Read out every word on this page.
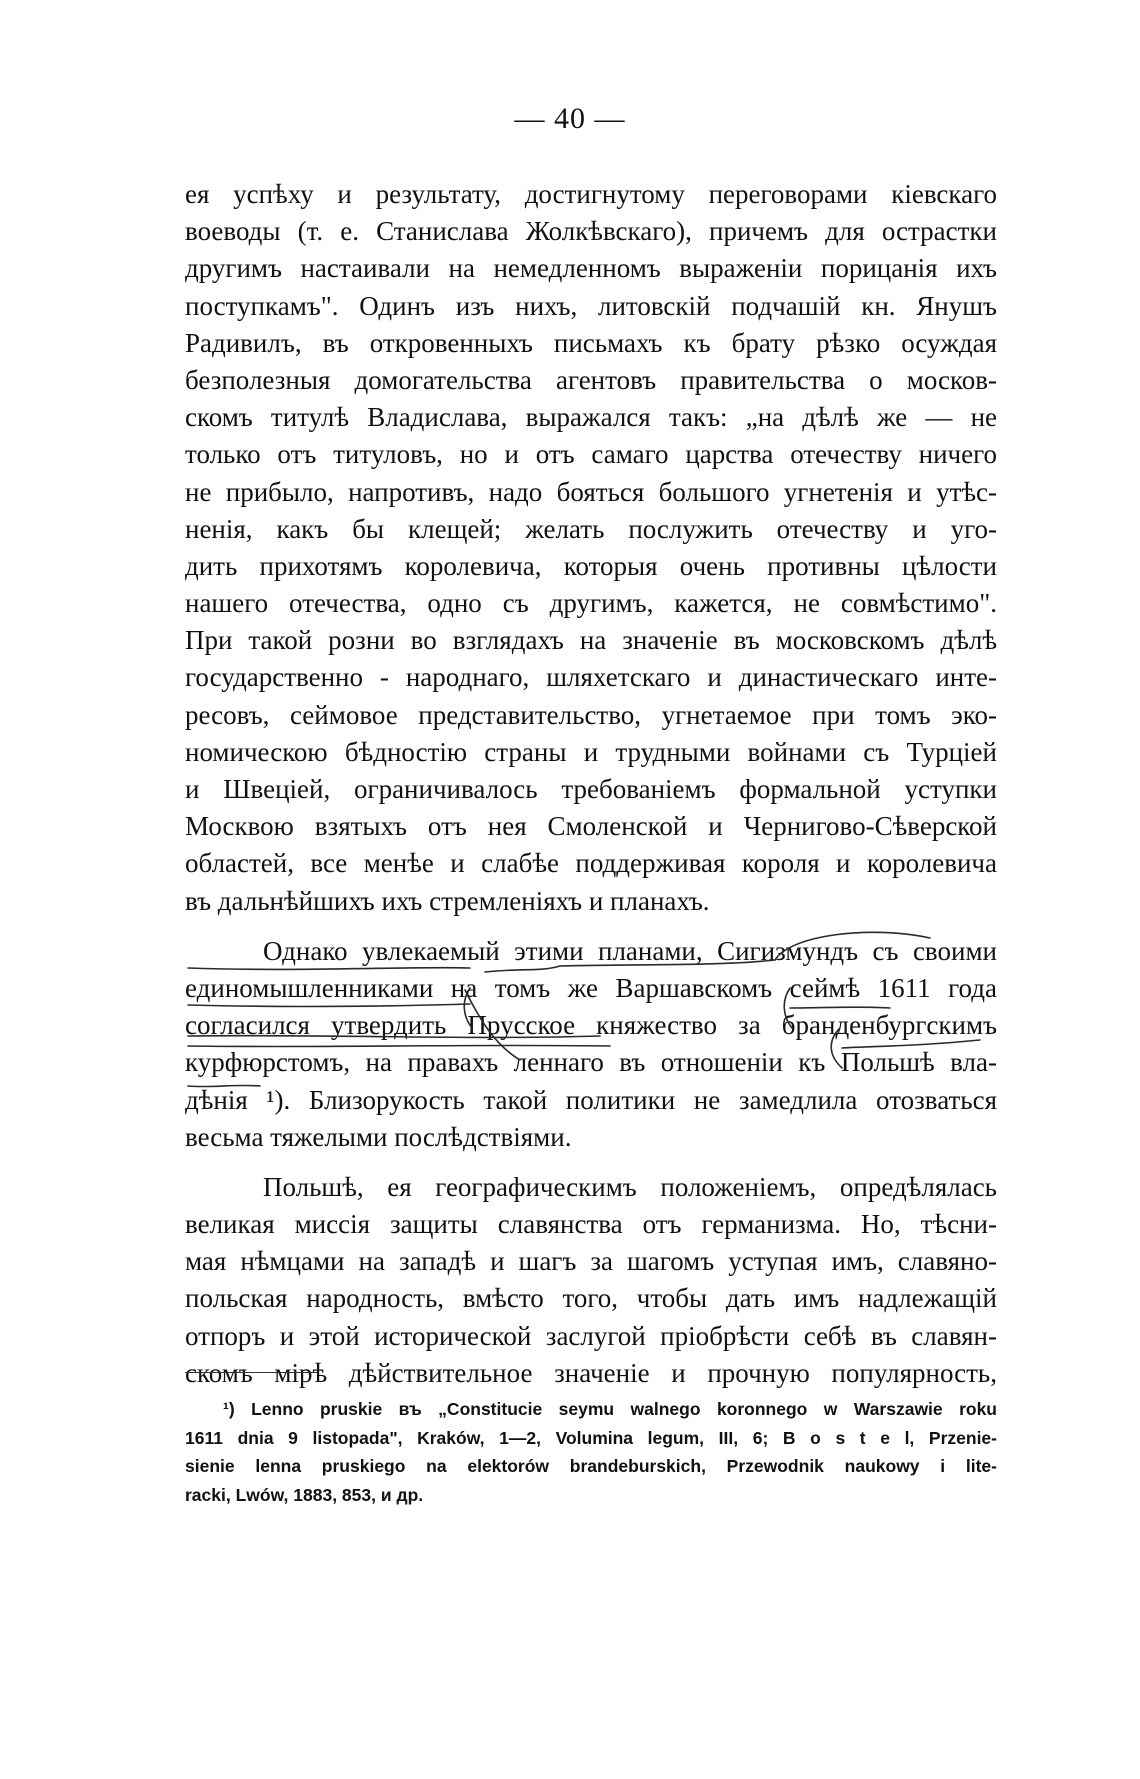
— 40 —
ея успѣху и результату, достигнутому переговорами кіевскаго
воеводы (т. е. Станислава Жолкѣвскаго), причемъ для острастки
другимъ настаивали на немедленномъ выраженіи порицанія ихъ
поступкамъ". Одинъ изъ нихъ, литовскій подчашій кн. Янушъ
Радивилъ, въ откровенныхъ письмахъ къ брату рѣзко осуждая
безполезныя домогательства агентовъ правительства о москов-
скомъ титулѣ Владислава, выражался такъ: „на дѣлѣ же — не
только отъ титуловъ, но и отъ самаго царства отечеству ничего
не прибыло, напротивъ, надо бояться большого угнетенія и утѣс-
ненія, какъ бы клещей; желать послужить отечеству и уго-
дить прихотямъ королевича, которыя очень противны цѣлости
нашего отечества, одно съ другимъ, кажется, не совмѣстимо".
При такой розни во взглядахъ на значеніе въ московскомъ дѣлѣ
государственно - народнаго, шляхетскаго и династическаго инте-
ресовъ, сеймовое представительство, угнетаемое при томъ эко-
номическою бѣдностію страны и трудными войнами съ Турціей
и Швеціей, ограничивалось требованіемъ формальной уступки
Москвою взятыхъ отъ нея Смоленской и Чернигово-Сѣверской
областей, все менѣе и слабѣе поддерживая короля и королевича
въ дальнѣйшихъ ихъ стремленіяхъ и планахъ.
Однако увлекаемый этими планами, Сигизмундъ съ своими
единомышленниками на томъ же Варшавскомъ сеймѣ 1611 года
согласился утвердить Прусское княжество за бранденбургскимъ
курфюрстомъ, на правахъ леннаго въ отношеніи къ Польшѣ вла-
дѣнія ¹). Близорукость такой политики не замедлила отозваться
весьма тяжелыми послѣдствіями.
Польшѣ, ея географическимъ положеніемъ, опредѣлялась
великая миссія защиты славянства отъ германизма. Но, тѣсни-
мая нѣмцами на западѣ и шагъ за шагомъ уступая имъ, славяно-
польская народность, вмѣсто того, чтобы дать имъ надлежащій
отпоръ и этой исторической заслугой пріобрѣсти себѣ въ славян-
скомъ мірѣ дѣйствительное значеніе и прочную популярность,
¹) Lenno pruskie въ „Constitucie seymu walnego koronnego w Warszawie roku
1611 dnia 9 listopada", Kraków, 1—2, Volumina legum, III, 6; B o s t e l, Przenie-
sienie lenna pruskiego na elektorów brandeburskich, Przewodnik naukowy i lite-
racki, Lwów, 1883, 853, и др.
